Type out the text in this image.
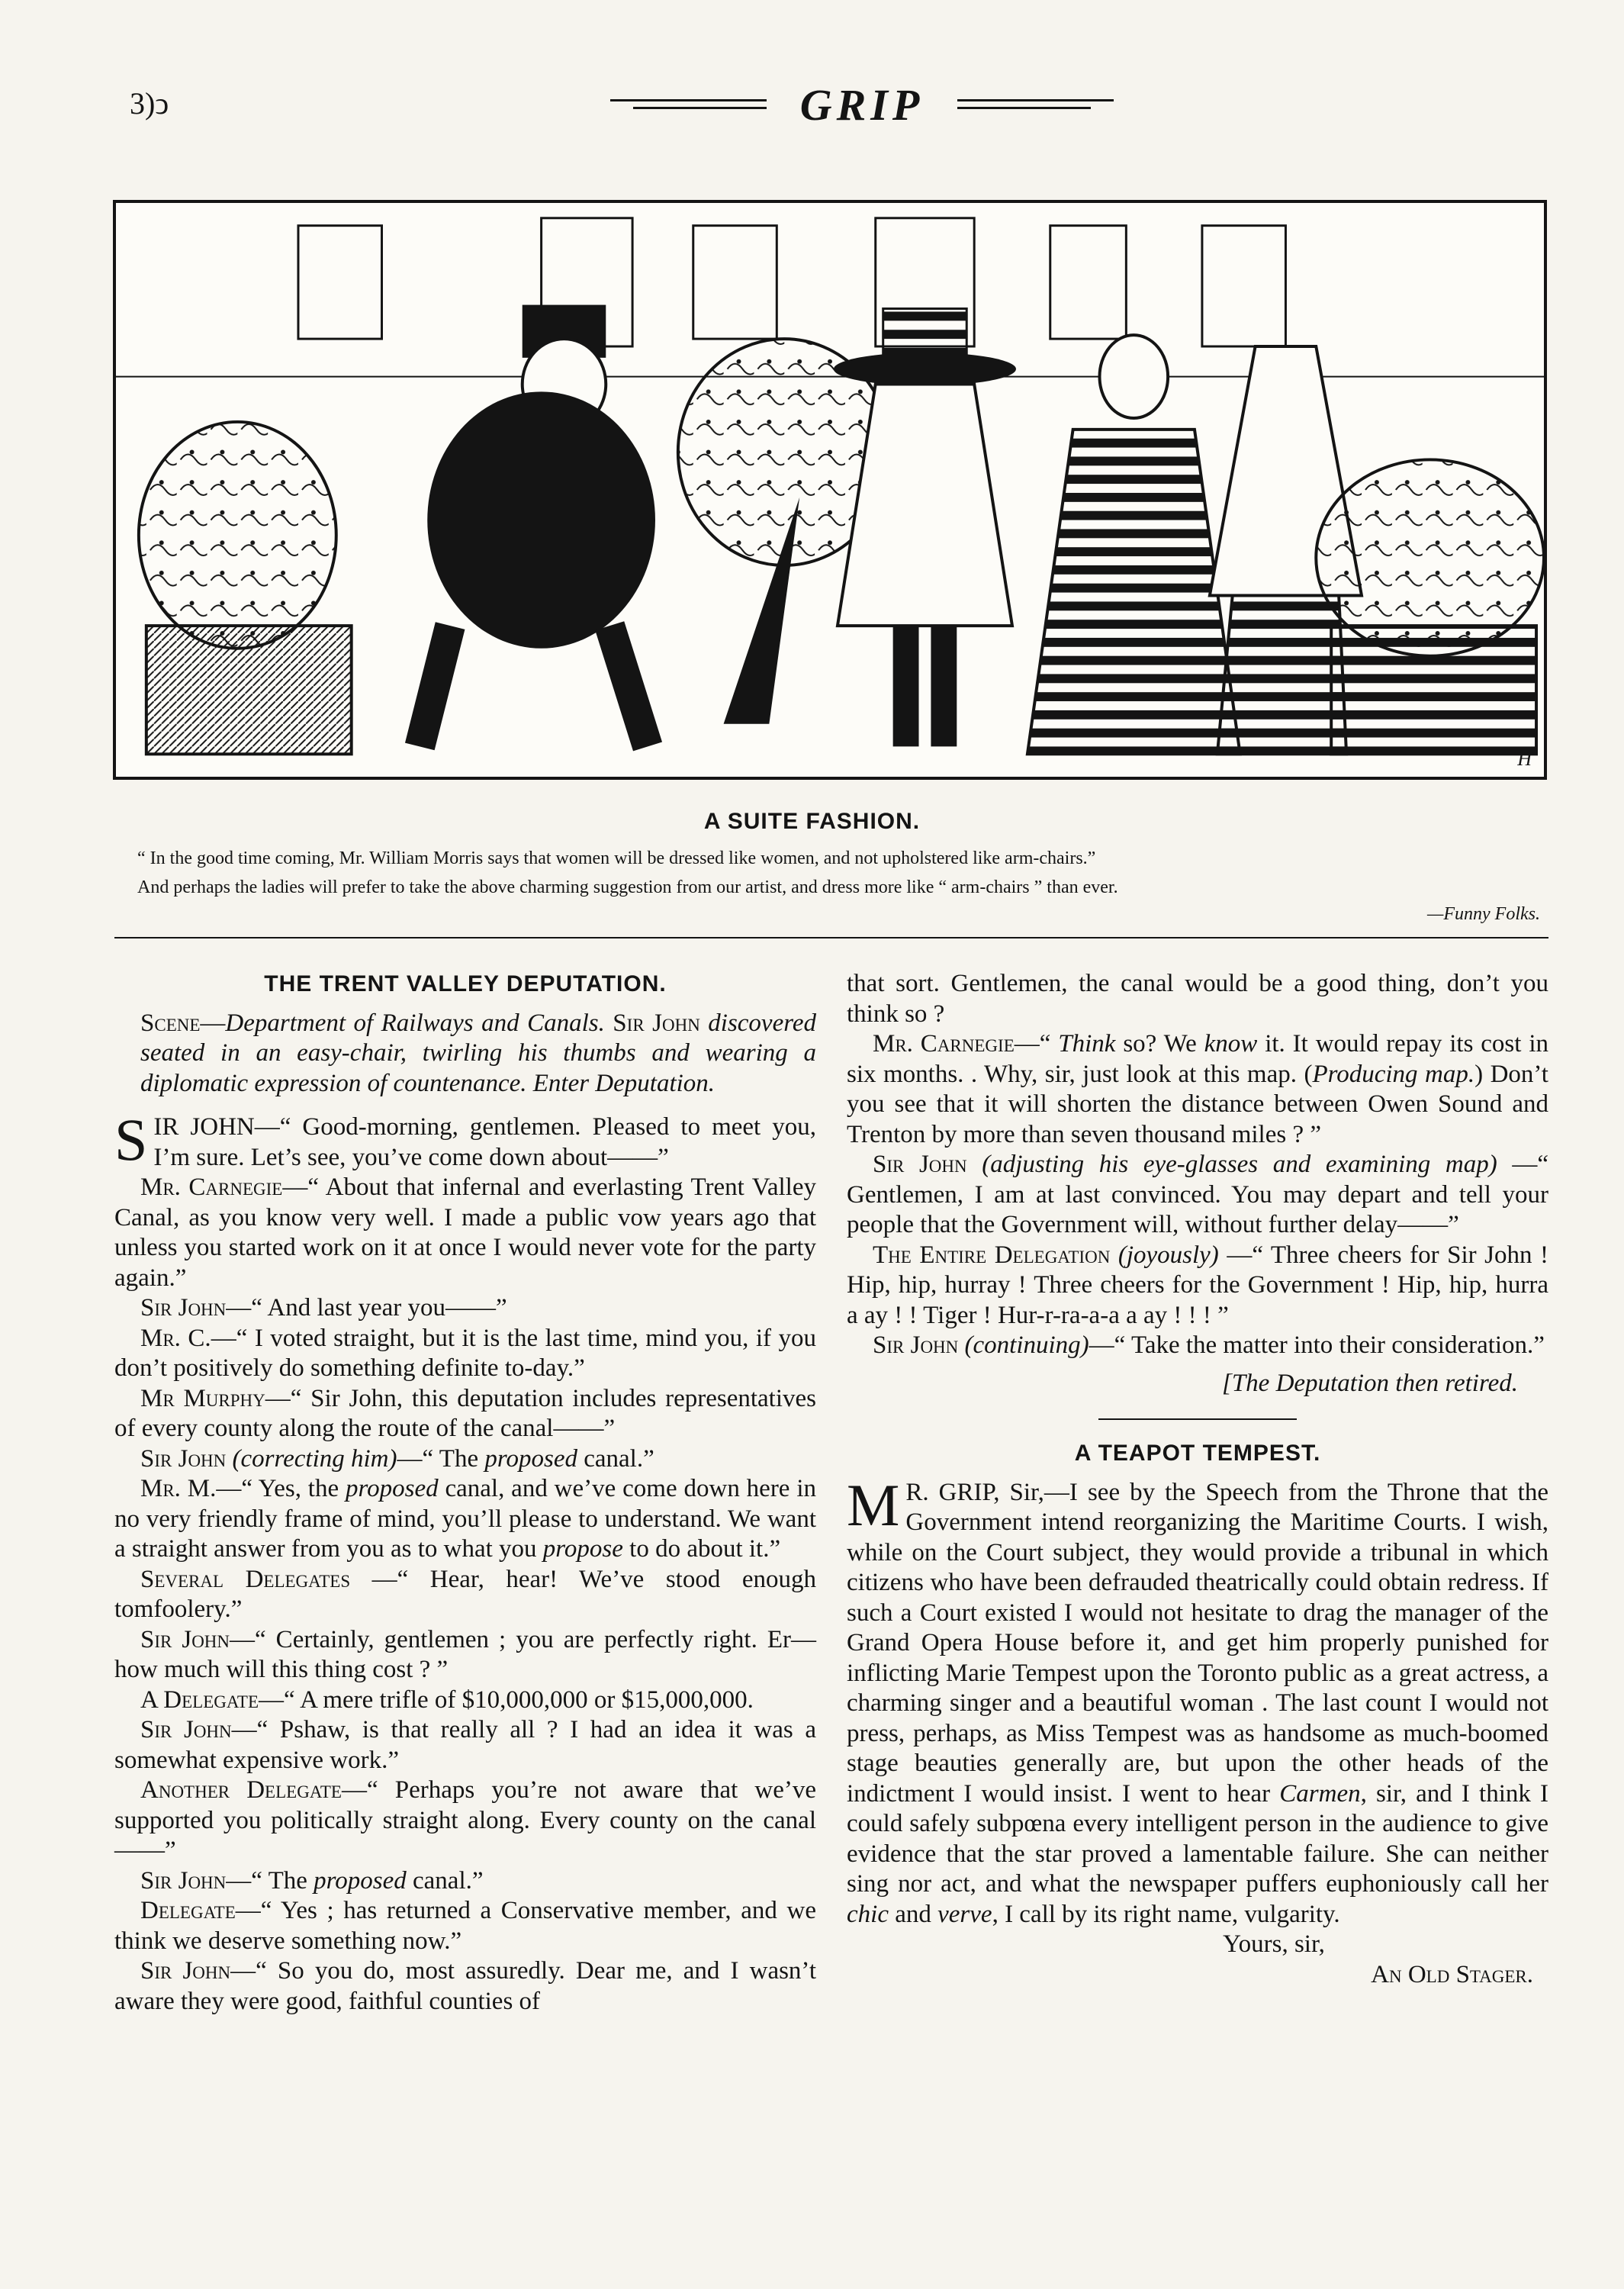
3)ↄ	GRIP
H
A SUITE FASHION.
“ In the good time coming, Mr. William Morris says that women will be dressed like women, and not upholstered like arm-chairs.”
And perhaps the ladies will prefer to take the above charming suggestion from our artist, and dress more like “ arm-chairs ” than ever.
—Funny Folks.
THE TRENT VALLEY DEPUTATION.

Scene—Department of Railways and Canals. Sir John discovered seated in an easy-chair, twirling his thumbs and wearing a diplomatic expression of countenance. Enter Deputation.

SIR JOHN—“ Good-morning, gentlemen. Pleased to meet you, I’m sure. Let’s see, you’ve come down about——”

Mr. Carnegie—“ About that infernal and everlasting Trent Valley Canal, as you know very well. I made a public vow years ago that unless you started work on it at once I would never vote for the party again.”

Sir John—“ And last year you——”

Mr. C.—“ I voted straight, but it is the last time, mind you, if you don’t positively do something definite to-day.”

Mr Murphy—“ Sir John, this deputation includes representatives of every county along the route of the canal——”

Sir John (correcting him)—“ The proposed canal.”

Mr. M.—“ Yes, the proposed canal, and we’ve come down here in no very friendly frame of mind, you’ll please to understand. We want a straight answer from you as to what you propose to do about it.”

Several Delegates —“ Hear, hear! We’ve stood enough tomfoolery.”

Sir John—“ Certainly, gentlemen ; you are perfectly right. Er—how much will this thing cost ? ”

A Delegate—“ A mere trifle of $10,000,000 or $15,000,000.

Sir John—“ Pshaw, is that really all ? I had an idea it was a somewhat expensive work.”

Another Delegate—“ Perhaps you’re not aware that we’ve supported you politically straight along. Every county on the canal——”

Sir John—“ The proposed canal.”

Delegate—“ Yes ; has returned a Conservative member, and we think we deserve something now.”

Sir John—“ So you do, most assuredly. Dear me, and I wasn’t aware they were good, faithful counties of

that sort. Gentlemen, the canal would be a good thing, don’t you think so ?

Mr. Carnegie—“ Think so? We know it. It would repay its cost in six months. . Why, sir, just look at this map. (Producing map.) Don’t you see that it will shorten the distance between Owen Sound and Trenton by more than seven thousand miles ? ”

Sir John (adjusting his eye-glasses and examining map) —“ Gentlemen, I am at last convinced. You may depart and tell your people that the Government will, without further delay——”

The Entire Delegation (joyously) —“ Three cheers for Sir John ! Hip, hip, hurray ! Three cheers for the Government ! Hip, hip, hurra a ay ! ! Tiger ! Hur-r-ra-a-a a ay ! ! ! ”

Sir John (continuing)—“ Take the matter into their consideration.”

[The Deputation then retired.

A TEAPOT TEMPEST.

M R. GRIP, Sir,—I see by the Speech from the Throne that the Government intend reorganizing the Maritime Courts. I wish, while on the Court subject, they would provide a tribunal in which citizens who have been defrauded theatrically could obtain redress. If such a Court existed I would not hesitate to drag the manager of the Grand Opera House before it, and get him properly punished for inflicting Marie Tempest upon the Toronto public as a great actress, a charming singer and a beautiful woman . The last count I would not press, perhaps, as Miss Tempest was as handsome as much-boomed stage beauties generally are, but upon the other heads of the indictment I would insist. I went to hear Carmen, sir, and I think I could safely subpœna every intelligent person in the audience to give evidence that the star proved a lamentable failure. She can neither sing nor act, and what the newspaper puffers euphoniously call her chic and verve, I call by its right name, vulgarity.

Yours, sir,

An Old Stager.
